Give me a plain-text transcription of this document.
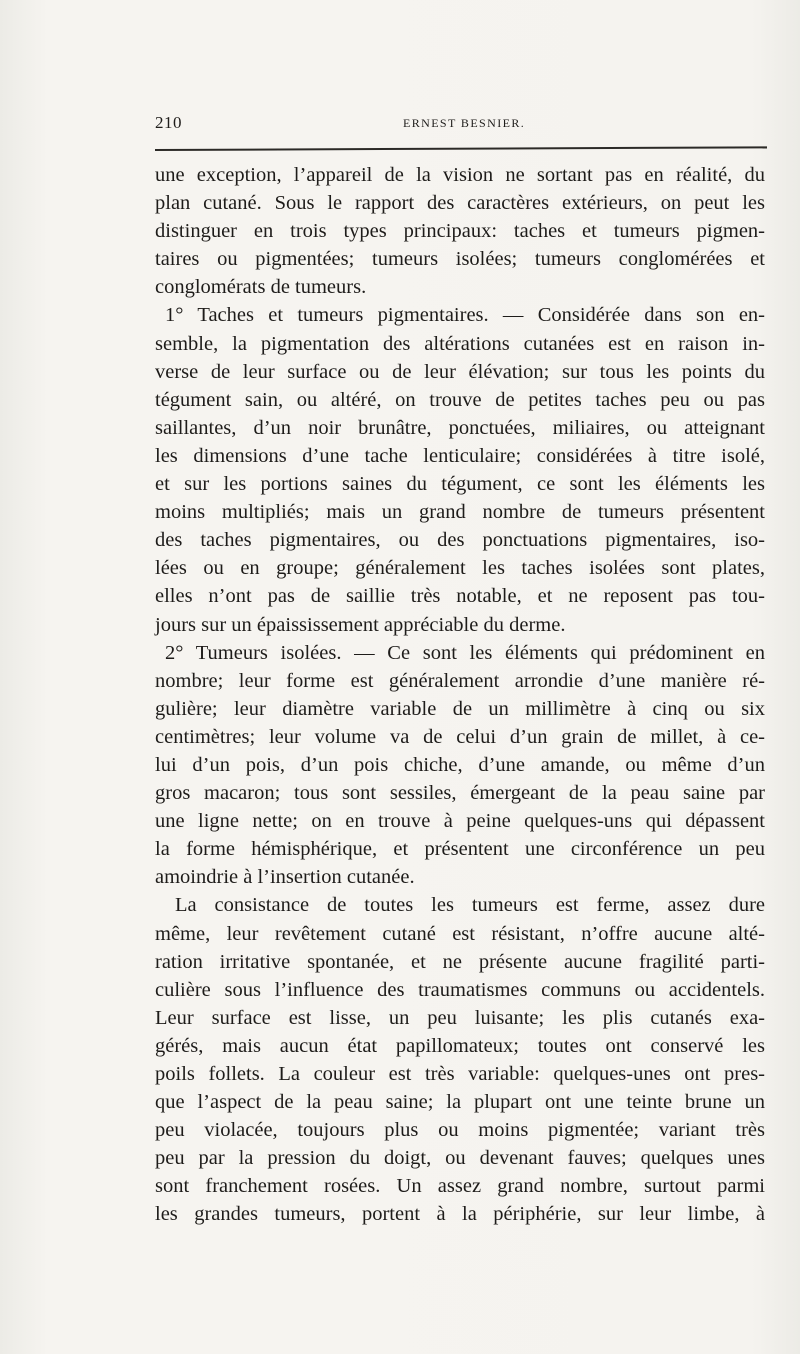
210	ERNEST BESNIER.
une exception, l’appareil de la vision ne sortant pas en réalité, du
plan cutané. Sous le rapport des caractères extérieurs, on peut les
distinguer en trois types principaux: taches et tumeurs pigmen-
taires ou pigmentées; tumeurs isolées; tumeurs conglomérées et
conglomérats de tumeurs.
1° Taches et tumeurs pigmentaires. — Considérée dans son en-
semble, la pigmentation des altérations cutanées est en raison in-
verse de leur surface ou de leur élévation; sur tous les points du
tégument sain, ou altéré, on trouve de petites taches peu ou pas
saillantes, d’un noir brunâtre, ponctuées, miliaires, ou atteignant
les dimensions d’une tache lenticulaire; considérées à titre isolé,
et sur les portions saines du tégument, ce sont les éléments les
moins multipliés; mais un grand nombre de tumeurs présentent
des taches pigmentaires, ou des ponctuations pigmentaires, iso-
lées ou en groupe; généralement les taches isolées sont plates,
elles n’ont pas de saillie très notable, et ne reposent pas tou-
jours sur un épaississement appréciable du derme.
2° Tumeurs isolées. — Ce sont les éléments qui prédominent en
nombre; leur forme est généralement arrondie d’une manière ré-
gulière; leur diamètre variable de un millimètre à cinq ou six
centimètres; leur volume va de celui d’un grain de millet, à ce-
lui d’un pois, d’un pois chiche, d’une amande, ou même d’un
gros macaron; tous sont sessiles, émergeant de la peau saine par
une ligne nette; on en trouve à peine quelques-uns qui dépassent
la forme hémisphérique, et présentent une circonférence un peu
amoindrie à l’insertion cutanée.
La consistance de toutes les tumeurs est ferme, assez dure
même, leur revêtement cutané est résistant, n’offre aucune alté-
ration irritative spontanée, et ne présente aucune fragilité parti-
culière sous l’influence des traumatismes communs ou accidentels.
Leur surface est lisse, un peu luisante; les plis cutanés exa-
gérés, mais aucun état papillomateux; toutes ont conservé les
poils follets. La couleur est très variable: quelques-unes ont pres-
que l’aspect de la peau saine; la plupart ont une teinte brune un
peu violacée, toujours plus ou moins pigmentée; variant très
peu par la pression du doigt, ou devenant fauves; quelques unes
sont franchement rosées. Un assez grand nombre, surtout parmi
les grandes tumeurs, portent à la périphérie, sur leur limbe, à
